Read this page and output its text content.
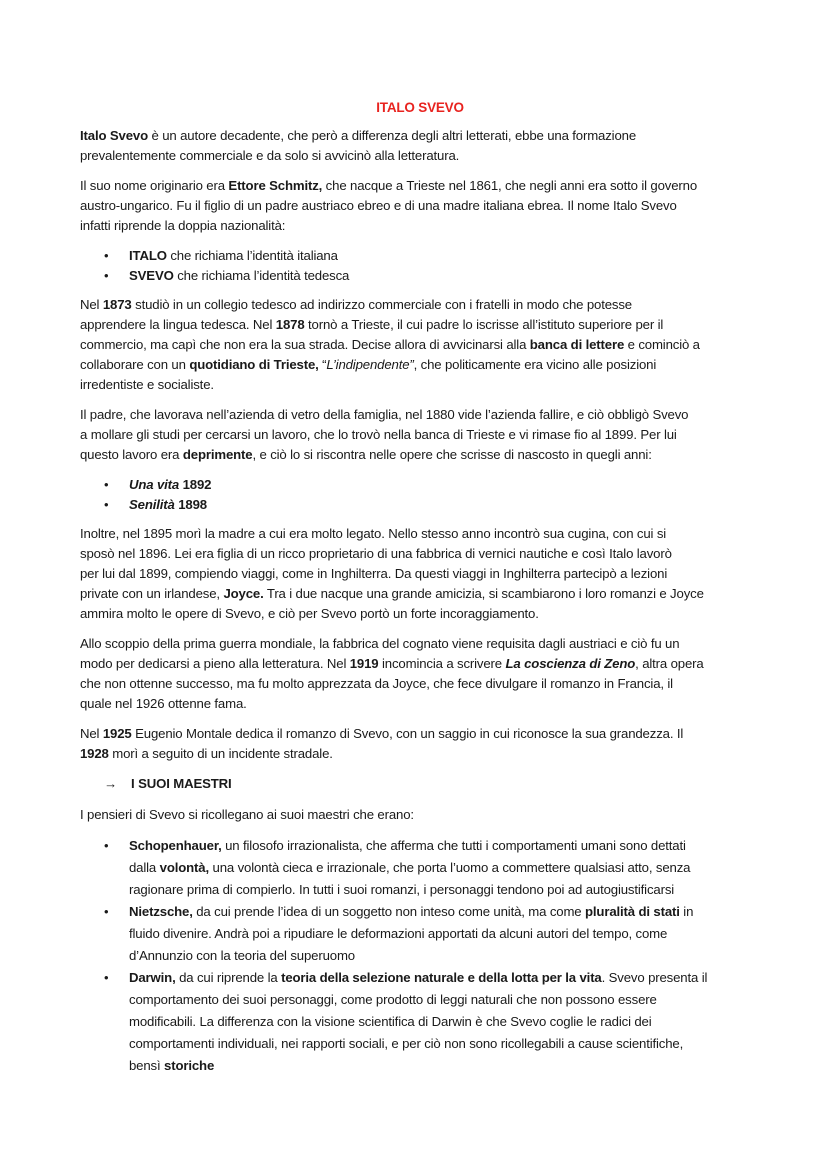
ITALO SVEVO

Italo Svevo è un autore decadente, che però a differenza degli altri letterati, ebbe una formazione
prevalentemente commerciale e da solo si avvicinò alla letteratura.

Il suo nome originario era Ettore Schmitz, che nacque a Trieste nel 1861, che negli anni era sotto il governo
austro-ungarico. Fu il figlio di un padre austriaco ebreo e di una madre italiana ebrea. Il nome Italo Svevo
infatti riprende la doppia nazionalità:

• ITALO che richiama l’identità italiana
• SVEVO che richiama l’identità tedesca

Nel 1873 studiò in un collegio tedesco ad indirizzo commerciale con i fratelli in modo che potesse
apprendere la lingua tedesca. Nel 1878 tornò a Trieste, il cui padre lo iscrisse all’istituto superiore per il
commercio, ma capì che non era la sua strada. Decise allora di avvicinarsi alla banca di lettere e cominciò a
collaborare con un quotidiano di Trieste, “L’indipendente”, che politicamente era vicino alle posizioni
irredentiste e socialiste.

Il padre, che lavorava nell’azienda di vetro della famiglia, nel 1880 vide l’azienda fallire, e ciò obbligò Svevo
a mollare gli studi per cercarsi un lavoro, che lo trovò nella banca di Trieste e vi rimase fio al 1899. Per lui
questo lavoro era deprimente, e ciò lo si riscontra nelle opere che scrisse di nascosto in quegli anni:

• Una vita 1892
• Senilità 1898

Inoltre, nel 1895 morì la madre a cui era molto legato. Nello stesso anno incontrò sua cugina, con cui si
sposò nel 1896. Lei era figlia di un ricco proprietario di una fabbrica di vernici nautiche e così Italo lavorò
per lui dal 1899, compiendo viaggi, come in Inghilterra. Da questi viaggi in Inghilterra partecipò a lezioni
private con un irlandese, Joyce. Tra i due nacque una grande amicizia, si scambiarono i loro romanzi e Joyce
ammira molto le opere di Svevo, e ciò per Svevo portò un forte incoraggiamento.

Allo scoppio della prima guerra mondiale, la fabbrica del cognato viene requisita dagli austriaci e ciò fu un
modo per dedicarsi a pieno alla letteratura. Nel 1919 incomincia a scrivere La coscienza di Zeno, altra opera
che non ottenne successo, ma fu molto apprezzata da Joyce, che fece divulgare il romanzo in Francia, il
quale nel 1926 ottenne fama.

Nel 1925 Eugenio Montale dedica il romanzo di Svevo, con un saggio in cui riconosce la sua grandezza. Il
1928 morì a seguito di un incidente stradale.

→ I SUOI MAESTRI

I pensieri di Svevo si ricollegano ai suoi maestri che erano:

• Schopenhauer, un filosofo irrazionalista, che afferma che tutti i comportamenti umani sono dettati
dalla volontà, una volontà cieca e irrazionale, che porta l’uomo a commettere qualsiasi atto, senza
ragionare prima di compierlo. In tutti i suoi romanzi, i personaggi tendono poi ad autogiustificarsi
• Nietzsche, da cui prende l’idea di un soggetto non inteso come unità, ma come pluralità di stati in
fluido divenire. Andrà poi a ripudiare le deformazioni apportati da alcuni autori del tempo, come
d’Annunzio con la teoria del superuomo
• Darwin, da cui riprende la teoria della selezione naturale e della lotta per la vita. Svevo presenta il
comportamento dei suoi personaggi, come prodotto di leggi naturali che non possono essere
modificabili. La differenza con la visione scientifica di Darwin è che Svevo coglie le radici dei
comportamenti individuali, nei rapporti sociali, e per ciò non sono ricollegabili a cause scientifiche,
bensì storiche
